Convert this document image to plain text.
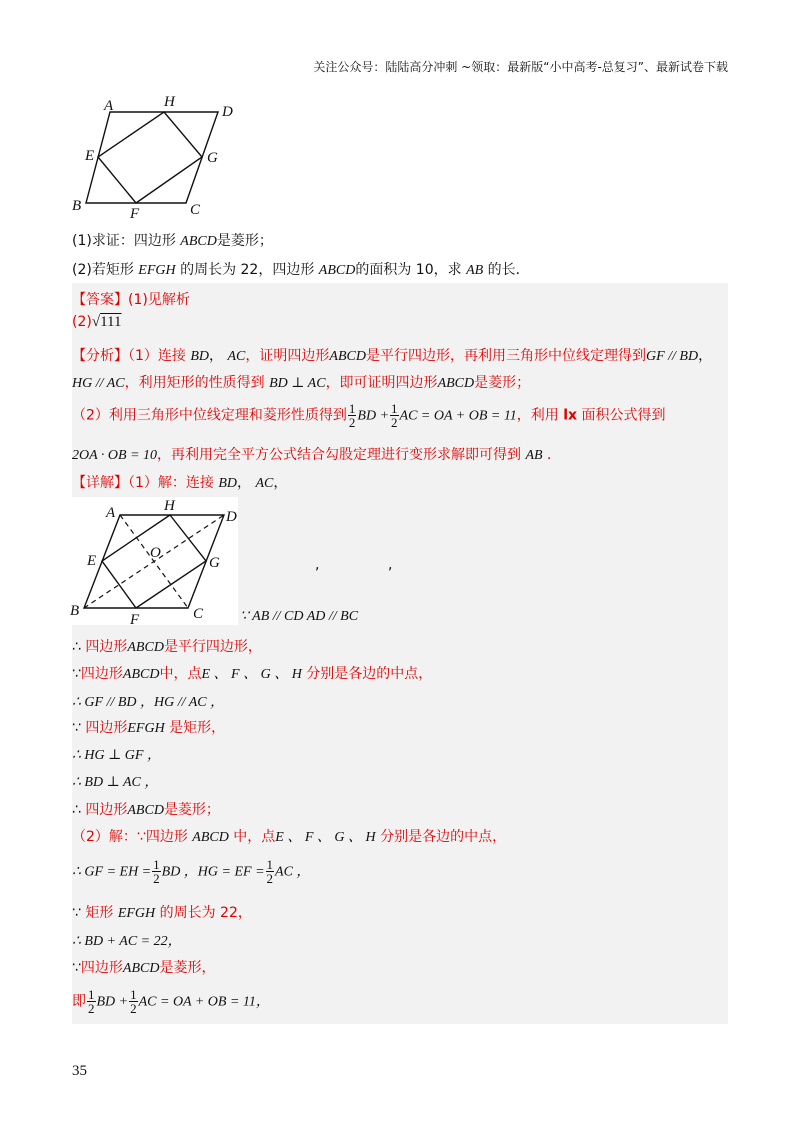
关注公众号：陆陆高分冲刺 ~领取：最新版“小中高考-总复习”、最新试卷下载
A	H
D
E	G
B	F	C
(1)求证：四边形 ABCD是菱形；
(2)若矩形 EFGH 的周长为 22，四边形 ABCD的面积为 10，求 AB 的长．
【答案】(1)见解析
(2)√111
【分析】（1）连接 BD， AC，证明四边形ABCD是平行四边形，再利用三角形中位线定理得到GF // BD，
HG // AC，利用矩形的性质得到 BD ⊥ AC，即可证明四边形ABCD是菱形；
（2）利用三角形中位线定理和菱形性质得到 $\frac{1}{2}$ BD + $\frac{1}{2}$ AC = OA + OB = 11，利用 lx 面积公式得到
2OA · OB = 10，再利用完全平方公式结合勾股定理进行变形求解即可得到 AB ．
【详解】（1）解：连接 BD， AC，
A	H
D
E	O
G
B
F	C
,	,
∵ AB // CD AD // BC
∴ 四边形ABCD是平行四边形，
∵四边形ABCD中，点E 、 F 、 G 、 H 分别是各边的中点，
∴ GF // BD ，HG // AC ，
∵ 四边形EFGH 是矩形，
∴ HG ⊥ GF ，
∴ BD ⊥ AC ，
∴ 四边形ABCD是菱形；
（2）解：∵四边形 ABCD 中，点E 、 F 、 G 、 H 分别是各边的中点，
∴ GF = EH = $\frac{1}{2}$ BD ，HG = EF = $\frac{1}{2}$ AC ，
∵ 矩形 EFGH 的周长为 22，
∴ BD + AC = 22，
∵四边形ABCD是菱形，
即 $\frac{1}{2}$ BD + $\frac{1}{2}$ AC = OA + OB = 11，
35
